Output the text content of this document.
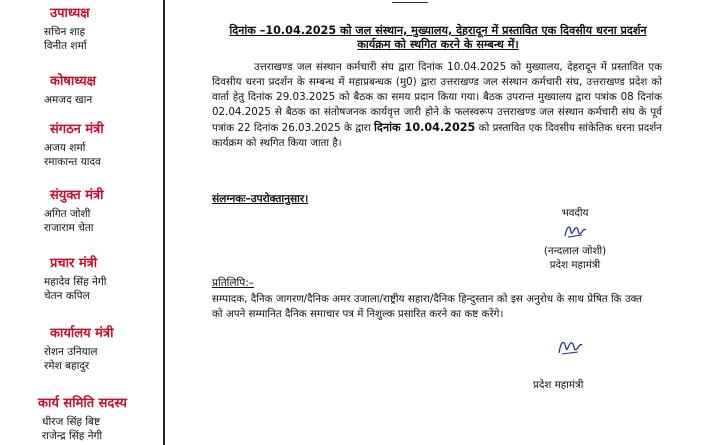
उपाध्यक्ष
सचिन शाह
विनीत शर्मा
कोषाध्यक्ष
अमजद खान
संगठन मंत्री
अजय शर्मा
रमाकान्त यादव
संयुक्त मंत्री
अगित जोशी
राजाराम चेता
प्रचार मंत्री
महादेव सिंह नेगी
चेतन कपिल
कार्यालय मंत्री
रोशन उनियाल
रमेश बहादुर
कार्य समिति सदस्य
धीरज सिंह बिष्ट
राजेन्द्र सिंह नेगी
दिनांक –10.04.2025 को जल संस्थान, मुख्यालय, देहरादून में प्रस्तावित एक दिवसीय धरना प्रदर्शन कार्यक्रम को स्थगित करने के सम्बन्ध में।
उत्तराखण्ड जल संस्थान कर्मचारी संघ द्वारा दिनांक 10.04.2025 को मुख्यालय, देहरादून में प्रस्तावित एक दिवसीय धरना प्रदर्शन के सम्बन्ध में महाप्रबन्धक (मु0) द्वारा उत्तराखण्ड जल संस्थान कर्मचारी संघ, उत्तराखण्ड प्रदेश को वार्ता हेतु दिनांक 29.03.2025 को बैठक का समय प्रदान किया गया। बैठक उपरान्त मुख्यालय द्वारा पत्रांक 08 दिनांक 02.04.2025 से बैठक का संतोषजनक कार्यवृत्त जारी होने के फलस्वरूप उत्तराखण्ड जल संस्थान कर्मचारी संघ के पूर्व पत्रांक 22 दिनांक 26.03.2025 के द्वारा दिनांक 10.04.2025 को प्रस्तावित एक दिवसीय सांकेतिक धरना प्रदर्शन कार्यक्रम को स्थगित किया जाता है।
संलग्नकः–उपरोक्तानुसार।
भवदीय
(नन्दलाल जोशी)
प्रदेश महामंत्री
प्रतिलिपि:–
सम्पादक, दैनिक जागरण/दैनिक अमर उजाला/राष्ट्रीय सहारा/दैनिक हिन्दुस्तान को इस अनुरोध के साथ प्रेषित कि उक्त को अपने सम्मानित दैनिक समाचार पत्र में निशुल्क प्रसारित करने का कष्ट करेंगे।
प्रदेश महामंत्री
